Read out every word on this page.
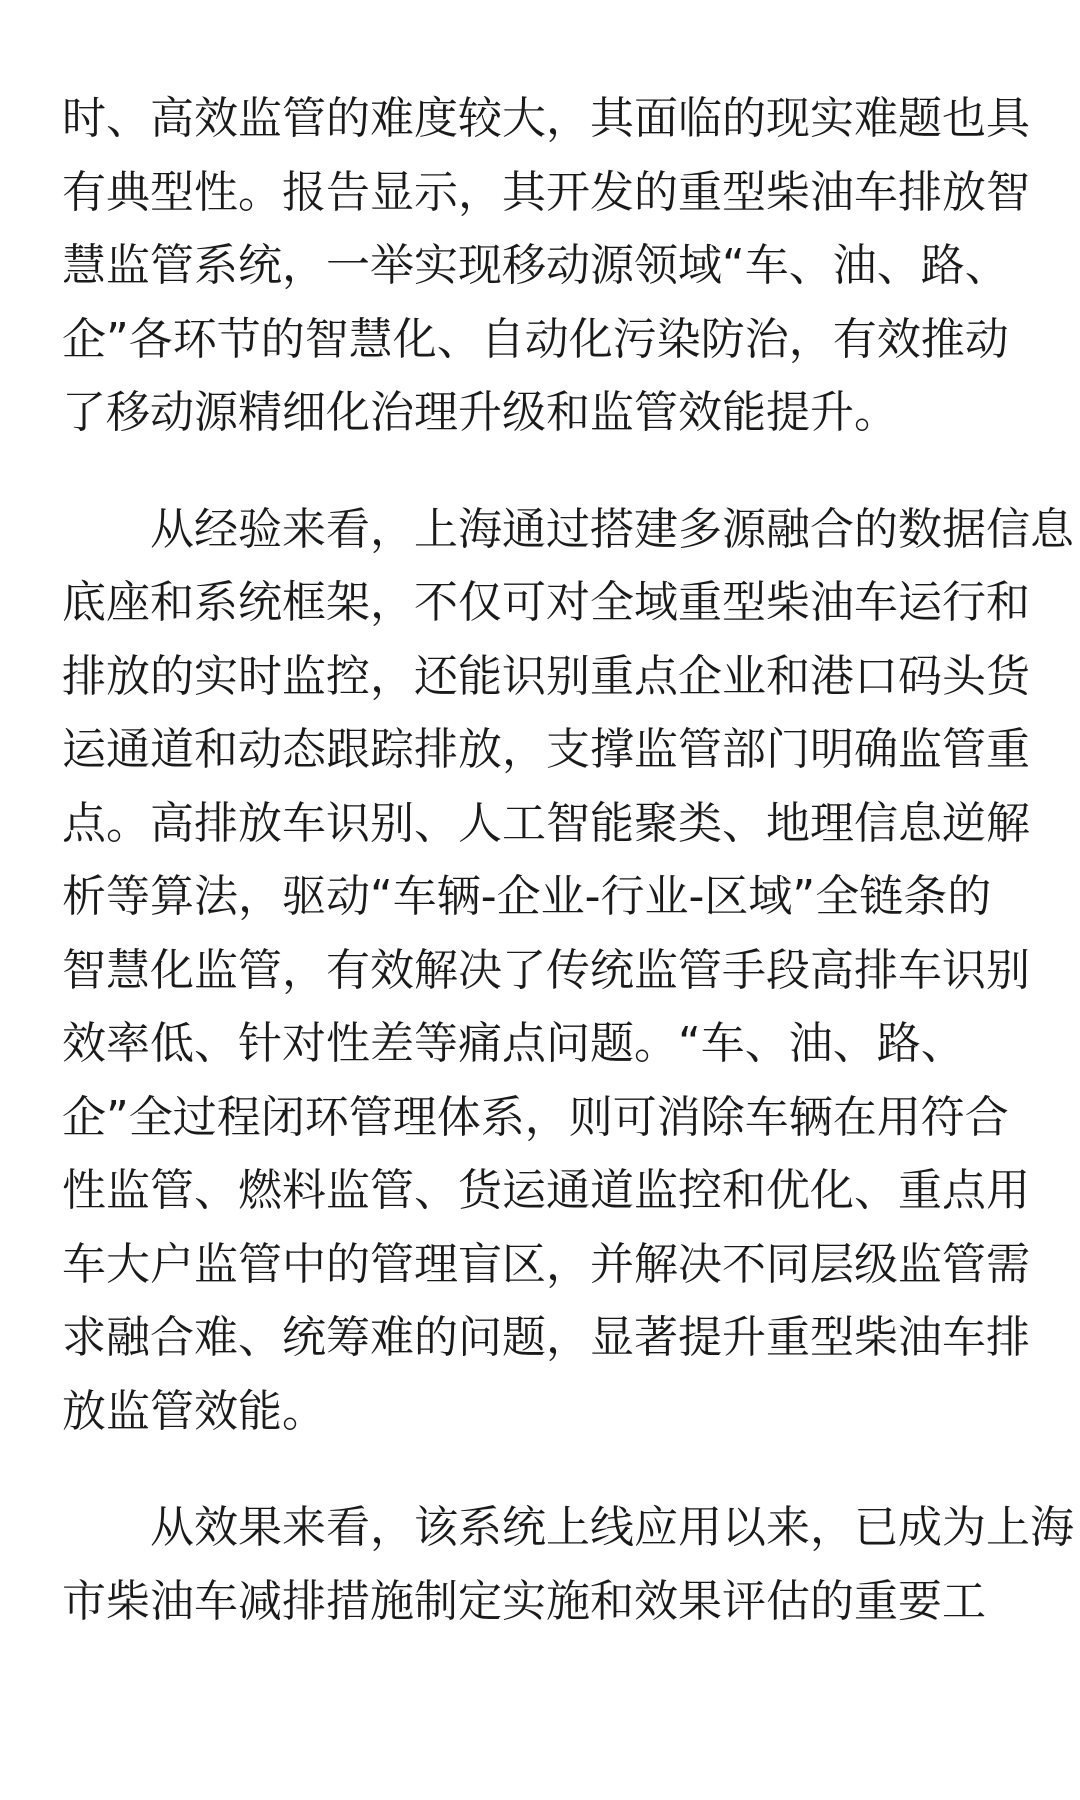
时、高效监管的难度较大，其面临的现实难题也具
有典型性。报告显示，其开发的重型柴油车排放智
慧监管系统，一举实现移动源领域“车、油、路、
企”各环节的智慧化、自动化污染防治，有效推动
了移动源精细化治理升级和监管效能提升。

　　从经验来看，上海通过搭建多源融合的数据信息
底座和系统框架，不仅可对全域重型柴油车运行和
排放的实时监控，还能识别重点企业和港口码头货
运通道和动态跟踪排放，支撑监管部门明确监管重
点。高排放车识别、人工智能聚类、地理信息逆解
析等算法，驱动“车辆-企业-行业-区域”全链条的
智慧化监管，有效解决了传统监管手段高排车识别
效率低、针对性差等痛点问题。“车、油、路、
企”全过程闭环管理体系，则可消除车辆在用符合
性监管、燃料监管、货运通道监控和优化、重点用
车大户监管中的管理盲区，并解决不同层级监管需
求融合难、统筹难的问题，显著提升重型柴油车排
放监管效能。

　　从效果来看，该系统上线应用以来，已成为上海
市柴油车减排措施制定实施和效果评估的重要工
